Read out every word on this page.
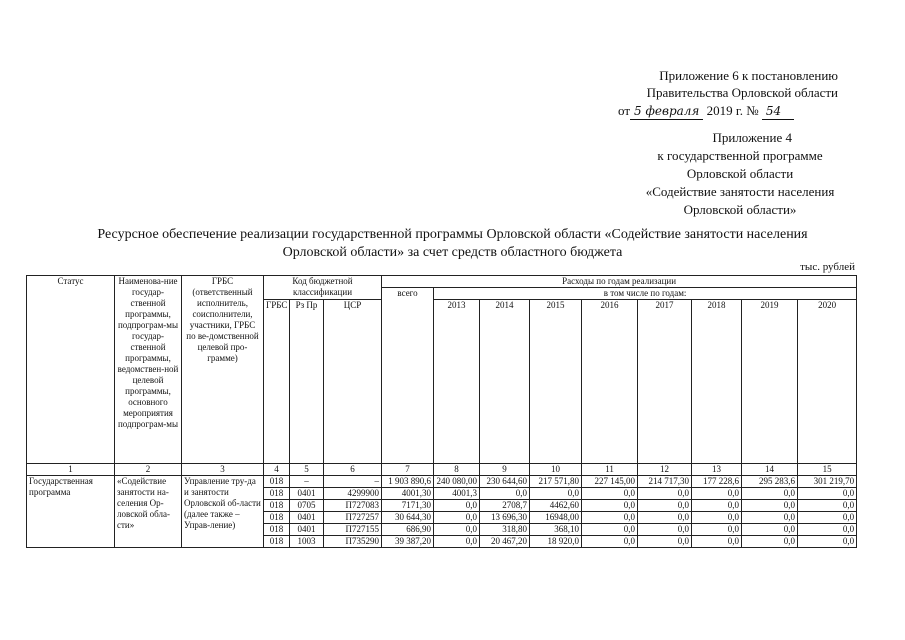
Приложение 6 к постановлению
Правительства Орловской области
от 5 февраля 2019 г. № 54
Приложение 4
к государственной программе
Орловской области
«Содействие занятости населения
Орловской области»
Ресурсное обеспечение реализации государственной программы Орловской области «Содействие занятости населения
Орловской области» за счет средств областного бюджета
тыс. рублей
Статус	Наименова-ние государ-ственной программы, подпрограм-мы государ-ственной программы, ведомствен-ной целевой программы, основного мероприятия подпрограм-мы	ГРБС (ответственный исполнитель, соисполнители, участники, ГРБС по ве-домственной целевой про-грамме)	Код бюджетной классификации			Расходы по годам реализации								
						всего	в том числе по годам:							
			ГРБС	Рз Пр	ЦСР		2013	2014	2015	2016	2017	2018	2019	2020
1	2	3	4	5	6	7	8	9	10	11	12	13	14	15
Государственная программа	«Содействие занятости на-селения Ор-ловской обла-сти»	Управление тру-да и занятости Орловской об-ласти (далее также – Управ-ление)	018	–	–	1 903 890,6	240 080,00	230 644,60	217 571,80	227 145,00	214 717,30	177 228,6	295 283,6	301 219,70
			018	0401	4299900	4001,30	4001,3	0,0	0,0	0,0	0,0	0,0	0,0	0,0
			018	0705	П727083	7171,30	0,0	2708,7	4462,60	0,0	0,0	0,0	0,0	0,0
			018	0401	П727257	30 644,30	0,0	13 696,30	16948,00	0,0	0,0	0,0	0,0	0,0
			018	0401	П727155	686,90	0,0	318,80	368,10	0,0	0,0	0,0	0,0	0,0
			018	1003	П735290	39 387,20	0,0	20 467,20	18 920,0	0,0	0,0	0,0	0,0	0,0
